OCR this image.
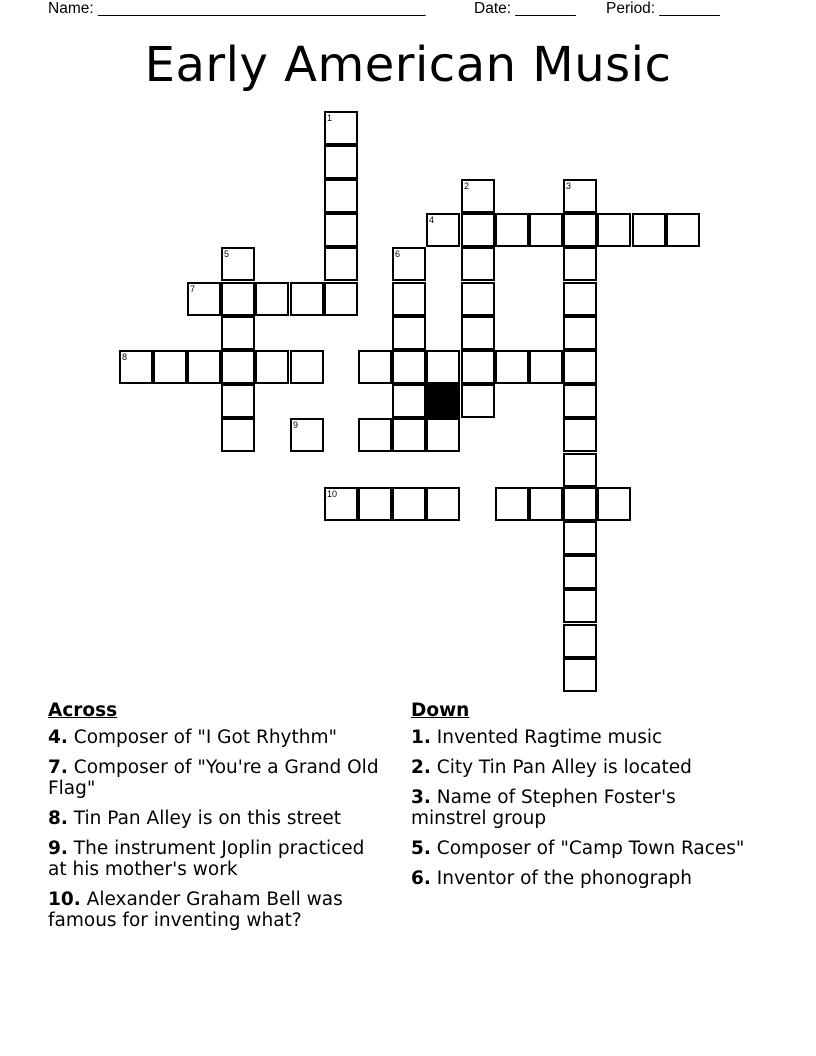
Name: ______________________________________	Date: _______ Period: _______
Early American Music
1
2	3
4
5	6
7
8
9
10
Across
4. Composer of "I Got Rhythm"
7. Composer of "You're a Grand Old Flag"
8. Tin Pan Alley is on this street
9. The instrument Joplin practiced at his mother's work
10. Alexander Graham Bell was famous for inventing what?
Down
1. Invented Ragtime music
2. City Tin Pan Alley is located
3. Name of Stephen Foster's minstrel group
5. Composer of "Camp Town Races"
6. Inventor of the phonograph
